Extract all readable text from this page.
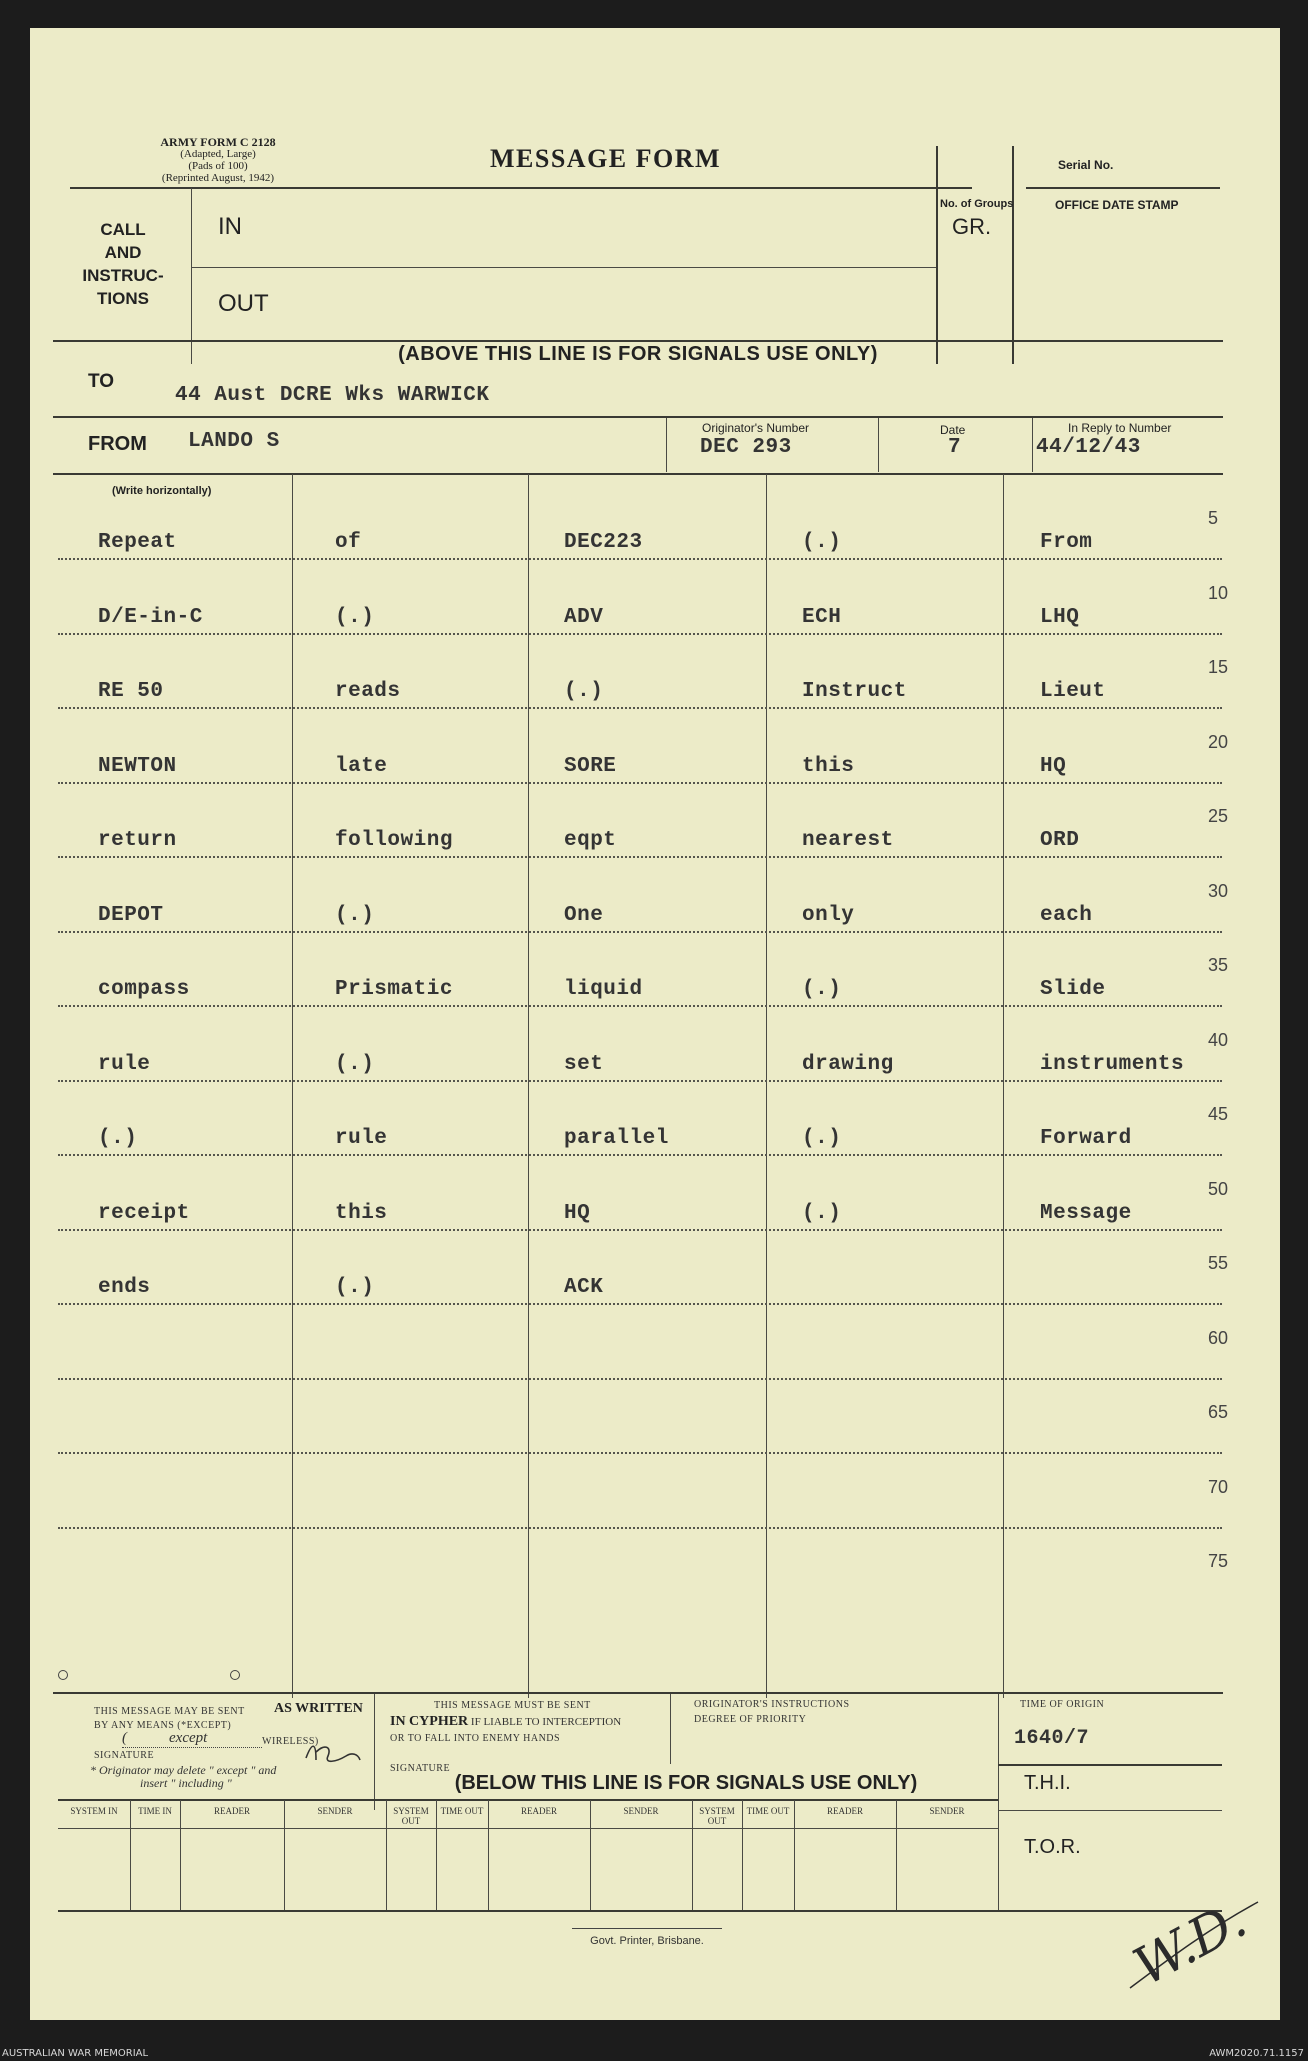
ARMY FORM C 2128
(Adapted, Large)
(Pads of 100)
(Reprinted August, 1942)
MESSAGE FORM	Serial No.
No. of Groups
GR.
OFFICE DATE STAMP
CALL AND INSTRUC- TIONS
IN
OUT
(ABOVE THIS LINE IS FOR SIGNALS USE ONLY)
TO
44 Aust DCRE Wks WARWICK
FROM LANDO S
Originator's Number
DEC 293
Date
7
In Reply to Number
44/12/43
(Write horizontally)
Repeat	of	DEC223	(.)	From
5
D/E-in-C	(.)	ADV	ECH	LHQ
10
RE 50	reads	(.)	Instruct	Lieut
15
NEWTON	late	SORE	this	HQ
20
return	following	eqpt	nearest	ORD
25
DEPOT	(.)	One	only	each
30
compass	Prismatic	liquid	(.)	Slide
35
rule	(.)	set	drawing	instruments
40
(.)	rule	parallel	(.)	Forward
45
receipt	this	HQ	(.)	Message
50
ends	(.)	ACK
55
60
65
70
75
THIS MESSAGE MAY BE SENT AS WRITTEN
BY ANY MEANS (*EXCEPT)
(	except	WIRELESS)
SIGNATURE
* Originator may delete " except " and
insert " including "
THIS MESSAGE MUST BE SENT
IN CYPHER IF LIABLE TO INTERCEPTION
OR TO FALL INTO ENEMY HANDS
SIGNATURE
ORIGINATOR'S INSTRUCTIONS
DEGREE OF PRIORITY
TIME OF ORIGIN
1640/7
(BELOW THIS LINE IS FOR SIGNALS USE ONLY)	T.H.I.
T.O.R.
SYSTEM IN	TIME IN	READER	SENDER	SYSTEM OUT
TIME OUT	READER	SENDER	SYSTEM OUT
TIME OUT	READER	SENDER
Govt. Printer, Brisbane.	W.D.
AUSTRALIAN WAR MEMORIAL	AWM2020.71.1157
